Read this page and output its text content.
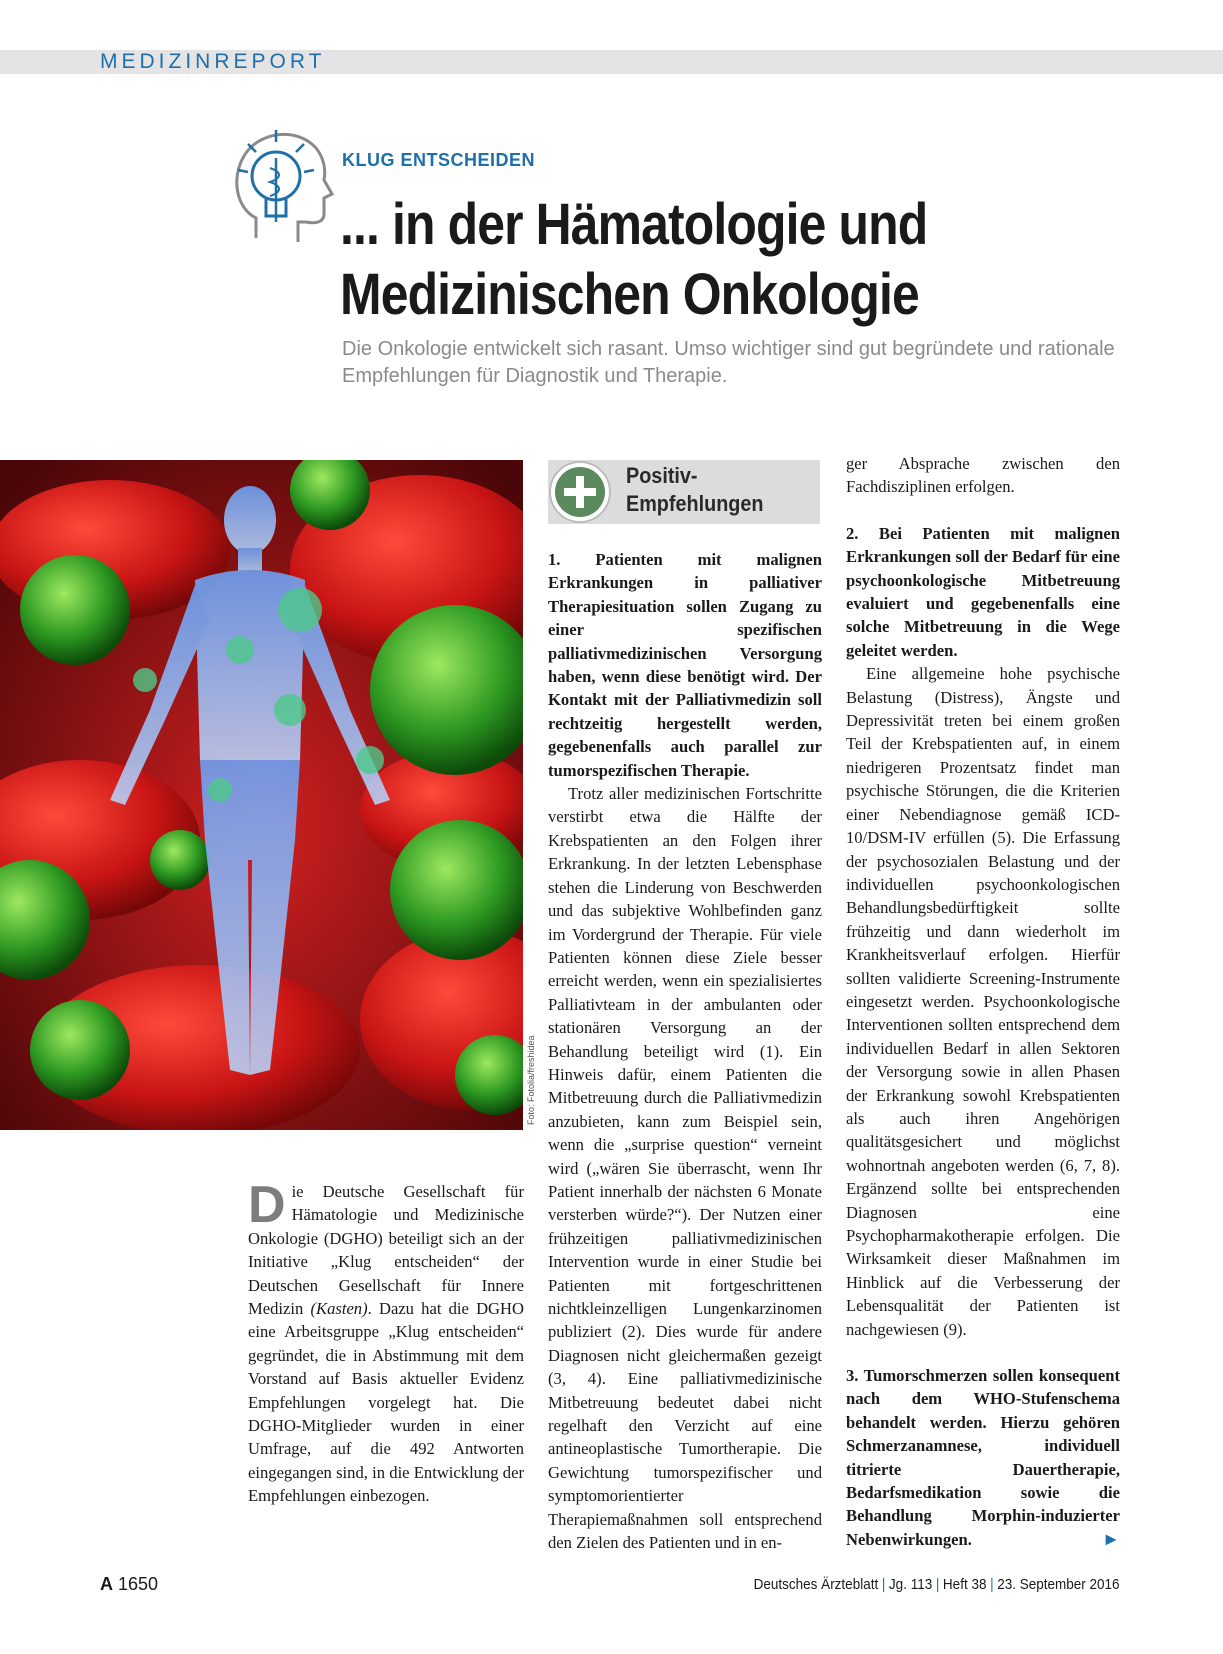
MEDIZINREPORT
KLUG ENTSCHEIDEN
... in der Hämatologie und Medizinischen Onkologie
Die Onkologie entwickelt sich rasant. Umso wichtiger sind gut begründete und rationale Empfehlungen für Diagnostik und Therapie.
Foto: Fotolia/freshidea

Die Deutsche Gesellschaft für Hämatologie und Medizinische Onkologie (DGHO) beteiligt sich an der Initiative „Klug entscheiden“ der Deutschen Gesellschaft für Innere Medizin (Kasten). Dazu hat die DGHO eine Arbeitsgruppe „Klug entscheiden“ gegründet, die in Abstimmung mit dem Vorstand auf Basis aktueller Evidenz Empfehlungen vorgelegt hat. Die DGHO-Mitglieder wurden in einer Umfrage, auf die 492 Antworten eingegangen sind, in die Entwicklung der Empfehlungen einbezogen.

Positiv-
Empfehlungen

1. Patienten mit malignen Erkrankungen in palliativer Therapiesituation sollen Zugang zu einer spezifischen palliativmedizinischen Versorgung haben, wenn diese benötigt wird. Der Kontakt mit der Palliativmedizin soll rechtzeitig hergestellt werden, gegebenenfalls auch parallel zur tumorspezifischen Therapie.

Trotz aller medizinischen Fortschritte verstirbt etwa die Hälfte der Krebspatienten an den Folgen ihrer Erkrankung. In der letzten Lebensphase stehen die Linderung von Beschwerden und das subjektive Wohlbefinden ganz im Vordergrund der Therapie. Für viele Patienten können diese Ziele besser erreicht werden, wenn ein spezialisiertes Palliativteam in der ambulanten oder stationären Versorgung an der Behandlung beteiligt wird (1). Ein Hinweis dafür, einem Patienten die Mitbetreuung durch die Palliativmedizin anzubieten, kann zum Beispiel sein, wenn die „surprise question“ verneint wird („wären Sie überrascht, wenn Ihr Patient innerhalb der nächsten 6 Monate versterben würde?“). Der Nutzen einer frühzeitigen palliativmedizinischen Intervention wurde in einer Studie bei Patienten mit fortgeschrittenen nichtkleinzelligen Lungenkarzinomen publiziert (2). Dies wurde für andere Diagnosen nicht gleichermaßen gezeigt (3, 4). Eine palliativmedizinische Mitbetreuung bedeutet dabei nicht regelhaft den Verzicht auf eine antineoplastische Tumortherapie. Die Gewichtung tumorspezifischer und symptomorientierter Therapiemaßnahmen soll entsprechend den Zielen des Patienten und in en-

ger Absprache zwischen den Fachdisziplinen erfolgen.

2. Bei Patienten mit malignen Erkrankungen soll der Bedarf für eine psychoonkologische Mitbetreuung evaluiert und gegebenenfalls eine solche Mitbetreuung in die Wege geleitet werden.

Eine allgemeine hohe psychische Belastung (Distress), Ängste und Depressivität treten bei einem großen Teil der Krebspatienten auf, in einem niedrigeren Prozentsatz findet man psychische Störungen, die die Kriterien einer Nebendiagnose gemäß ICD-10/DSM-IV erfüllen (5). Die Erfassung der psychosozialen Belastung und der individuellen psychoonkologischen Behandlungsbedürftigkeit sollte frühzeitig und dann wiederholt im Krankheitsverlauf erfolgen. Hierfür sollten validierte Screening-Instrumente eingesetzt werden. Psychoonkologische Interventionen sollten entsprechend dem individuellen Bedarf in allen Sektoren der Versorgung sowie in allen Phasen der Erkrankung sowohl Krebspatienten als auch ihren Angehörigen qualitätsgesichert und möglichst wohnortnah angeboten werden (6, 7, 8). Ergänzend sollte bei entsprechenden Diagnosen eine Psychopharmakotherapie erfolgen. Die Wirksamkeit dieser Maßnahmen im Hinblick auf die Verbesserung der Lebensqualität der Patienten ist nachgewiesen (9).

3. Tumorschmerzen sollen konsequent nach dem WHO-Stufenschema behandelt werden. Hierzu gehören Schmerzanamnese, individuell titrierte Dauertherapie, Bedarfsmedikation sowie die Behandlung Morphin-induzierter Nebenwirkungen.	►

A 1650	Deutsches Ärzteblatt | Jg. 113 | Heft 38 | 23. September 2016
